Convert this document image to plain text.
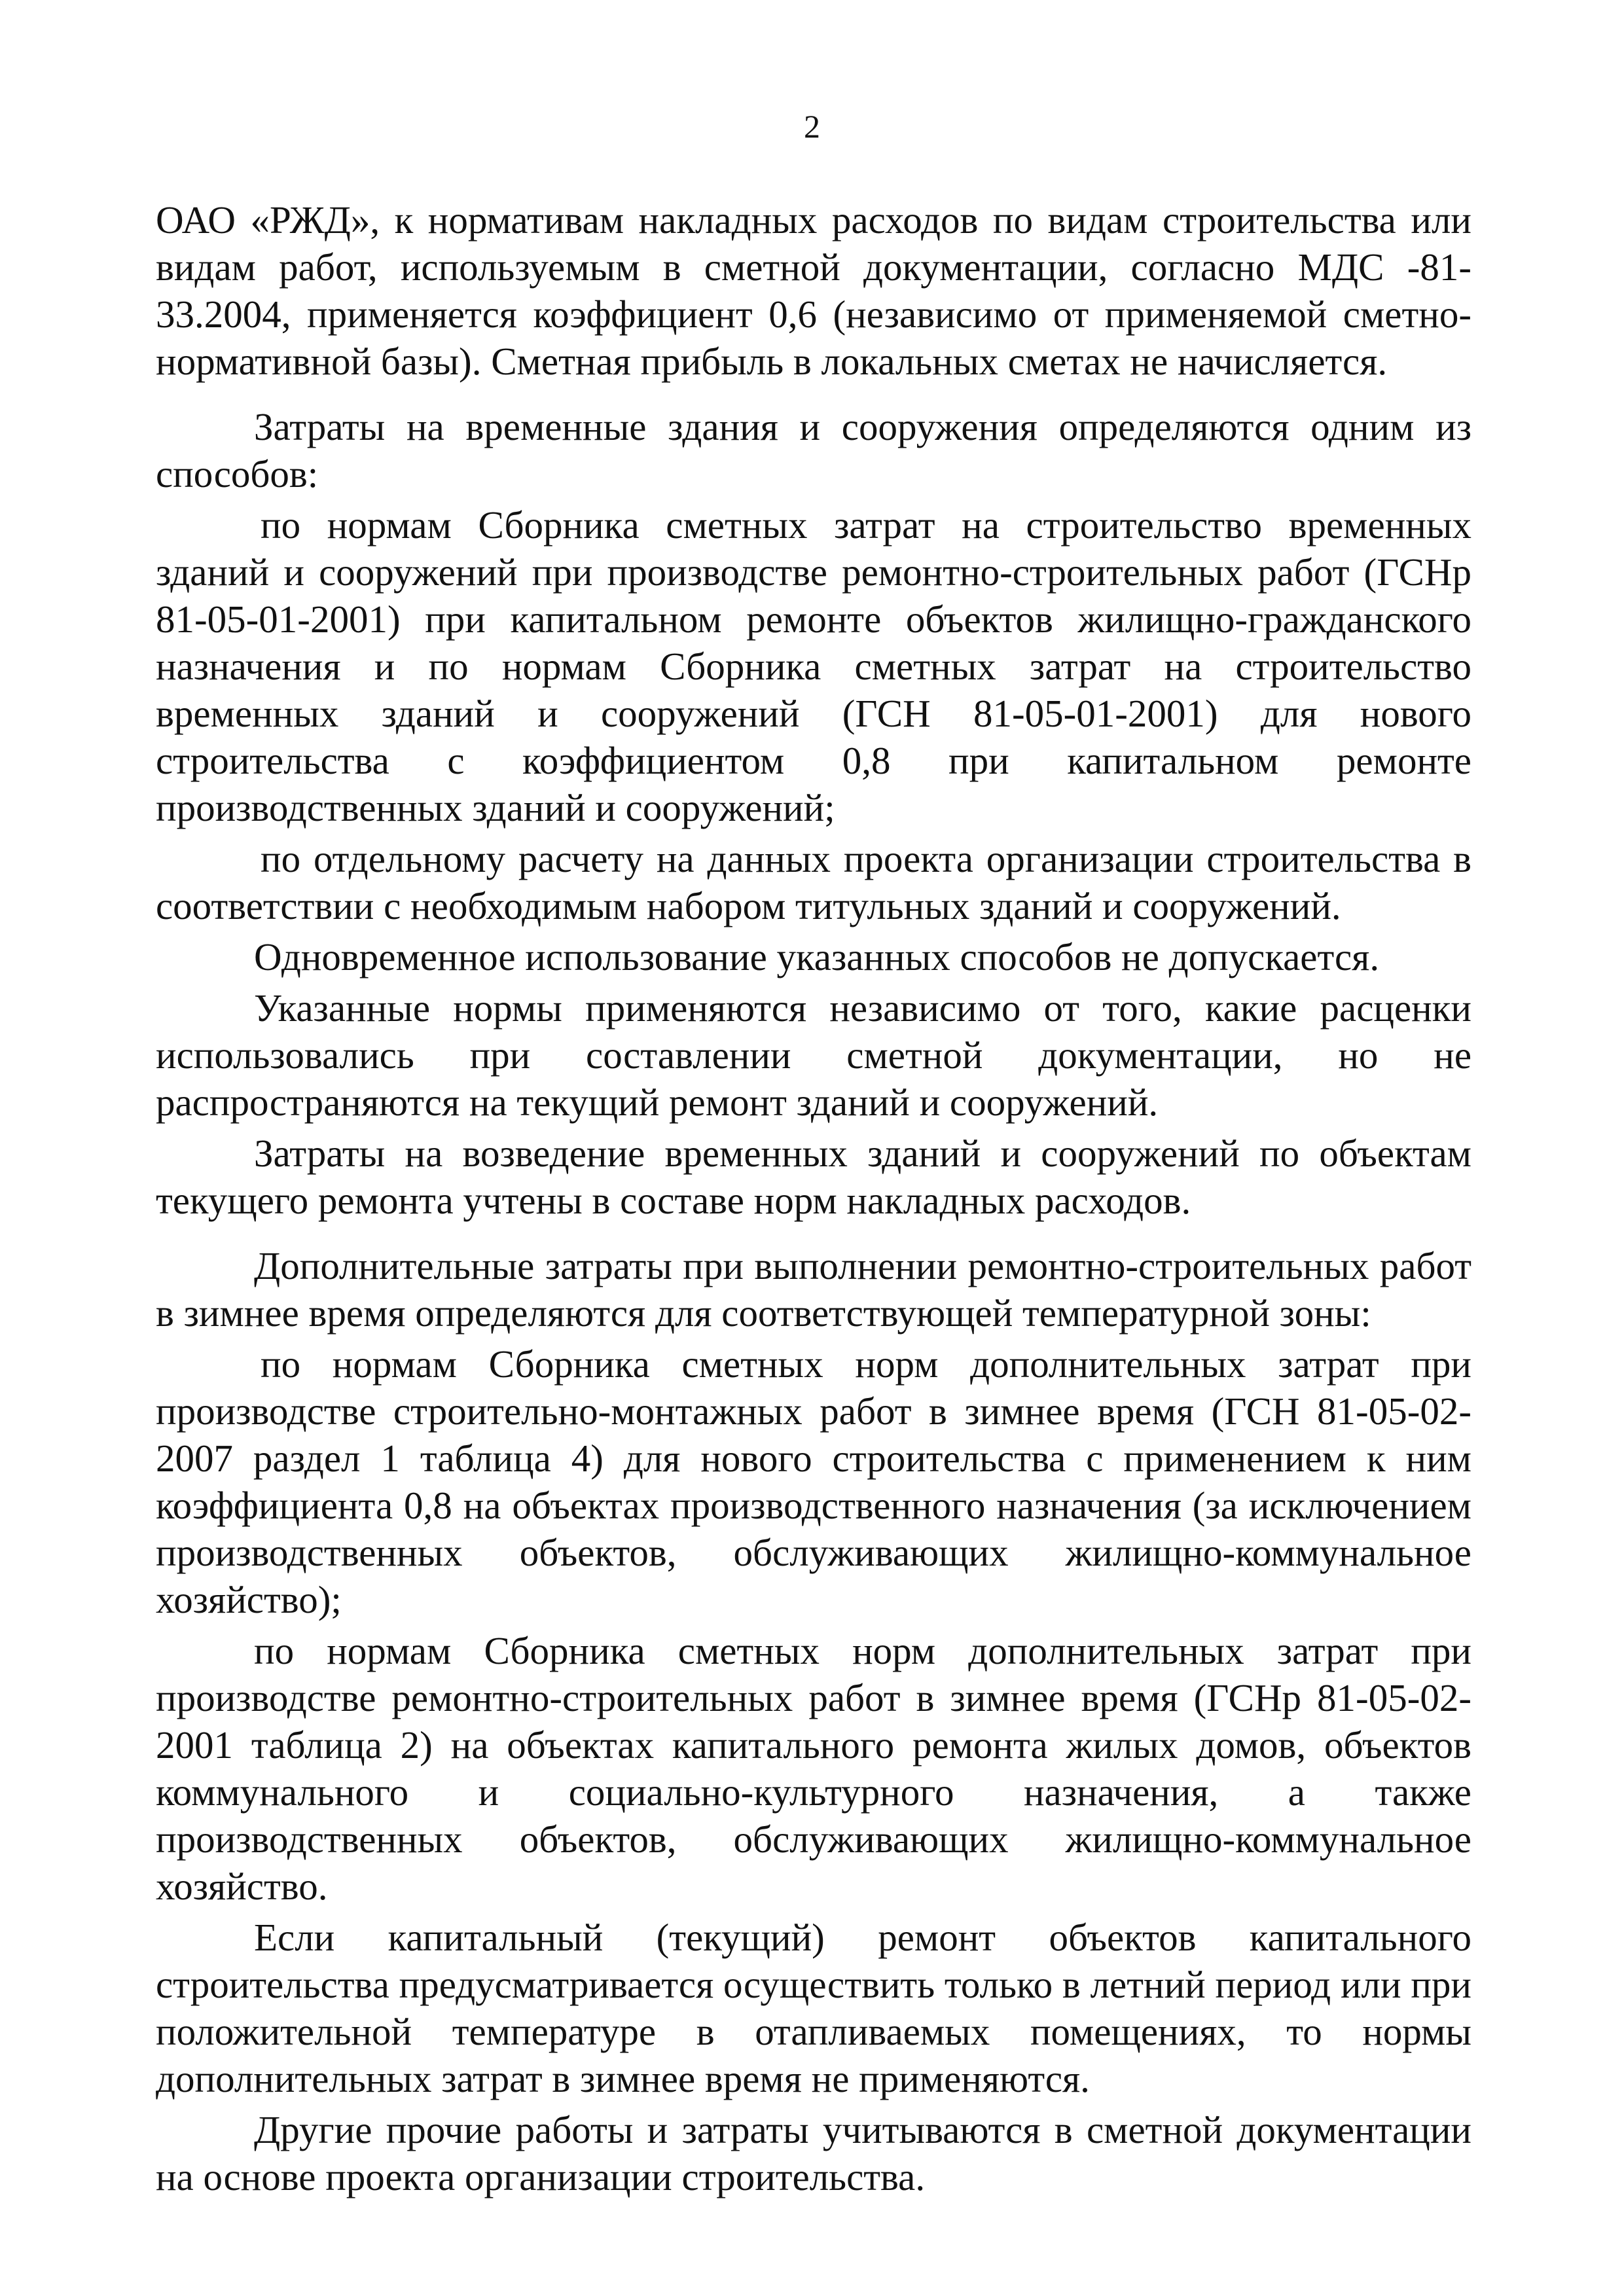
2

ОАО «РЖД», к нормативам накладных расходов по видам строительства или видам работ, используемым в сметной документации, согласно МДС -81-33.2004, применяется коэффициент 0,6 (независимо от применяемой сметно-нормативной базы). Сметная прибыль в локальных сметах не начисляется.

Затраты на временные здания и сооружения определяются одним из способов:

по нормам Сборника сметных затрат на строительство временных зданий и сооружений при производстве ремонтно-строительных работ (ГСНр 81-05-01-2001) при капитальном ремонте объектов жилищно-гражданского назначения и по нормам Сборника сметных затрат на строительство временных зданий и сооружений (ГСН 81-05-01-2001) для нового строительства с коэффициентом 0,8 при капитальном ремонте производственных зданий и сооружений;

по отдельному расчету на данных проекта организации строительства в соответствии с необходимым набором титульных зданий и сооружений.

Одновременное использование указанных способов не допускается.

Указанные нормы применяются независимо от того, какие расценки использовались при составлении сметной документации, но не распространяются на текущий ремонт зданий и сооружений.

Затраты на возведение временных зданий и сооружений по объектам текущего ремонта учтены в составе норм накладных расходов.

Дополнительные затраты при выполнении ремонтно-строительных работ в зимнее время определяются для соответствующей температурной зоны:

по нормам Сборника сметных норм дополнительных затрат при производстве строительно-монтажных работ в зимнее время (ГСН 81-05-02-2007 раздел 1 таблица 4) для нового строительства с применением к ним коэффициента 0,8 на объектах производственного назначения (за исключением производственных объектов, обслуживающих жилищно-коммунальное хозяйство);

по нормам Сборника сметных норм дополнительных затрат при производстве ремонтно-строительных работ в зимнее время (ГСНр 81-05-02-2001 таблица 2) на объектах капитального ремонта жилых домов, объектов коммунального и социально-культурного назначения, а также производственных объектов, обслуживающих жилищно-коммунальное хозяйство.

Если капитальный (текущий) ремонт объектов капитального строительства предусматривается осуществить только в летний период или при положительной температуре в отапливаемых помещениях, то нормы дополнительных затрат в зимнее время не применяются.

Другие прочие работы и затраты учитываются в сметной документации на основе проекта организации строительства.
